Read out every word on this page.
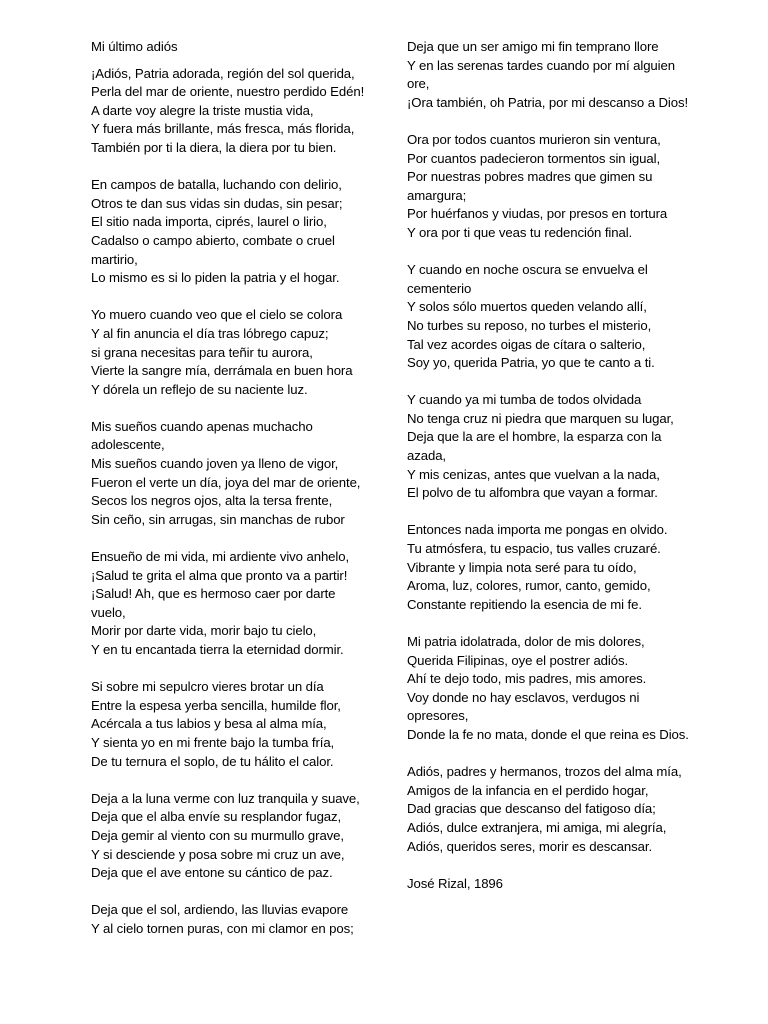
Mi último adiós
¡Adiós, Patria adorada, región del sol querida,
Perla del mar de oriente, nuestro perdido Edén!
A darte voy alegre la triste mustia vida,
Y fuera más brillante, más fresca, más florida,
También por ti la diera, la diera por tu bien.
En campos de batalla, luchando con delirio,
Otros te dan sus vidas sin dudas, sin pesar;
El sitio nada importa, ciprés, laurel o lirio,
Cadalso o campo abierto, combate o cruel martirio,
Lo mismo es si lo piden la patria y el hogar.
Yo muero cuando veo que el cielo se colora
Y al fin anuncia el día tras lóbrego capuz;
si grana necesitas para teñir tu aurora,
Vierte la sangre mía, derrámala en buen hora
Y dórela un reflejo de su naciente luz.
Mis sueños cuando apenas muchacho adolescente,
Mis sueños cuando joven ya lleno de vigor,
Fueron el verte un día, joya del mar de oriente,
Secos los negros ojos, alta la tersa frente,
Sin ceño, sin arrugas, sin manchas de rubor
Ensueño de mi vida, mi ardiente vivo anhelo,
¡Salud te grita el alma que pronto va a partir!
¡Salud! Ah, que es hermoso caer por darte vuelo,
Morir por darte vida, morir bajo tu cielo,
Y en tu encantada tierra la eternidad dormir.
Si sobre mi sepulcro vieres brotar un día
Entre la espesa yerba sencilla, humilde flor,
Acércala a tus labios y besa al alma mía,
Y sienta yo en mi frente bajo la tumba fría,
De tu ternura el soplo, de tu hálito el calor.
Deja a la luna verme con luz tranquila y suave,
Deja que el alba envíe su resplandor fugaz,
Deja gemir al viento con su murmullo grave,
Y si desciende y posa sobre mi cruz un ave,
Deja que el ave entone su cántico de paz.
Deja que el sol, ardiendo, las lluvias evapore
Y al cielo tornen puras, con mi clamor en pos;
Deja que un ser amigo mi fin temprano llore
Y en las serenas tardes cuando por mí alguien ore,
¡Ora también, oh Patria, por mi descanso a Dios!
Ora por todos cuantos murieron sin ventura,
Por cuantos padecieron tormentos sin igual,
Por nuestras pobres madres que gimen su amargura;
Por huérfanos y viudas, por presos en tortura
Y ora por ti que veas tu redención final.
Y cuando en noche oscura se envuelva el cementerio
Y solos sólo muertos queden velando allí,
No turbes su reposo, no turbes el misterio,
Tal vez acordes oigas de cítara o salterio,
Soy yo, querida Patria, yo que te canto a ti.
Y cuando ya mi tumba de todos olvidada
No tenga cruz ni piedra que marquen su lugar,
Deja que la are el hombre, la esparza con la azada,
Y mis cenizas, antes que vuelvan a la nada,
El polvo de tu alfombra que vayan a formar.
Entonces nada importa me pongas en olvido.
Tu atmósfera, tu espacio, tus valles cruzaré.
Vibrante y limpia nota seré para tu oído,
Aroma, luz, colores, rumor, canto, gemido,
Constante repitiendo la esencia de mi fe.
Mi patria idolatrada, dolor de mis dolores,
Querida Filipinas, oye el postrer adiós.
Ahí te dejo todo, mis padres, mis amores.
Voy donde no hay esclavos, verdugos ni opresores,
Donde la fe no mata, donde el que reina es Dios.
Adiós, padres y hermanos, trozos del alma mía,
Amigos de la infancia en el perdido hogar,
Dad gracias que descanso del fatigoso día;
Adiós, dulce extranjera, mi amiga, mi alegría,
Adiós, queridos seres, morir es descansar.
José Rizal, 1896
